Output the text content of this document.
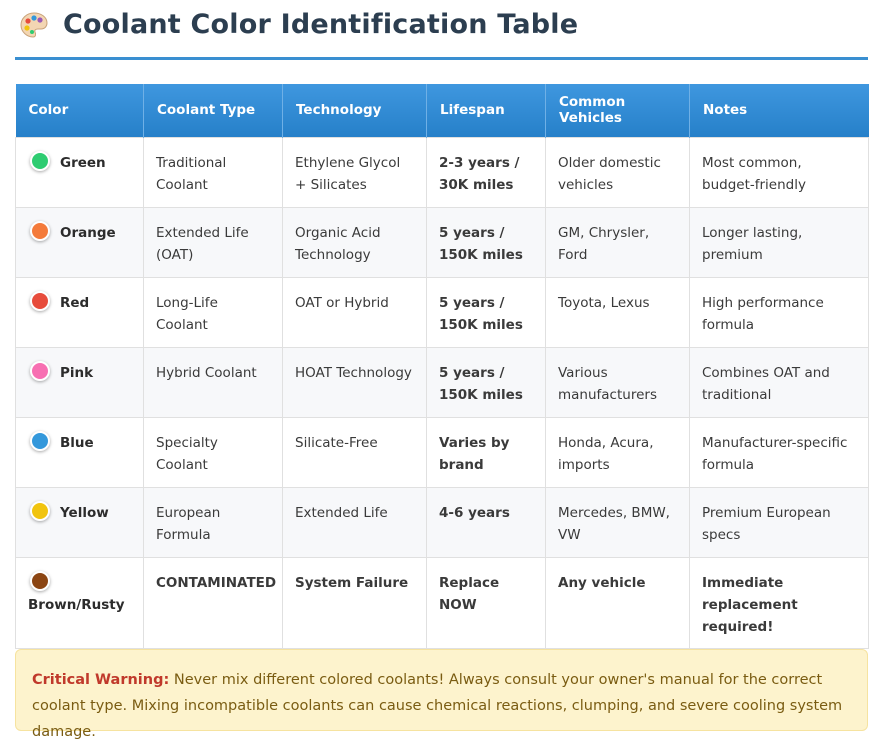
Coolant Color Identification Table
Color	Coolant Type	Technology	Lifespan	Common Vehicles	Notes
Green	Traditional Coolant	Ethylene Glycol + Silicates	2-3 years / 30K miles	Older domestic vehicles	Most common, budget-friendly
Orange	Extended Life (OAT)	Organic Acid Technology	5 years / 150K miles	GM, Chrysler, Ford	Longer lasting, premium
Red	Long-Life Coolant	OAT or Hybrid	5 years / 150K miles	Toyota, Lexus	High performance formula
Pink	Hybrid Coolant	HOAT Technology	5 years / 150K miles	Various manufacturers	Combines OAT and traditional
Blue	Specialty Coolant	Silicate-Free	Varies by brand	Honda, Acura, imports	Manufacturer-specific formula
Yellow	European Formula	Extended Life	4-6 years	Mercedes, BMW, VW	Premium European specs

Brown/Rusty	CONTAMINATED	System Failure	Replace NOW	Any vehicle	Immediate replacement required!
Critical Warning: Never mix different colored coolants! Always consult your owner's manual for the correct coolant type. Mixing incompatible coolants can cause chemical reactions, clumping, and severe cooling system damage.
